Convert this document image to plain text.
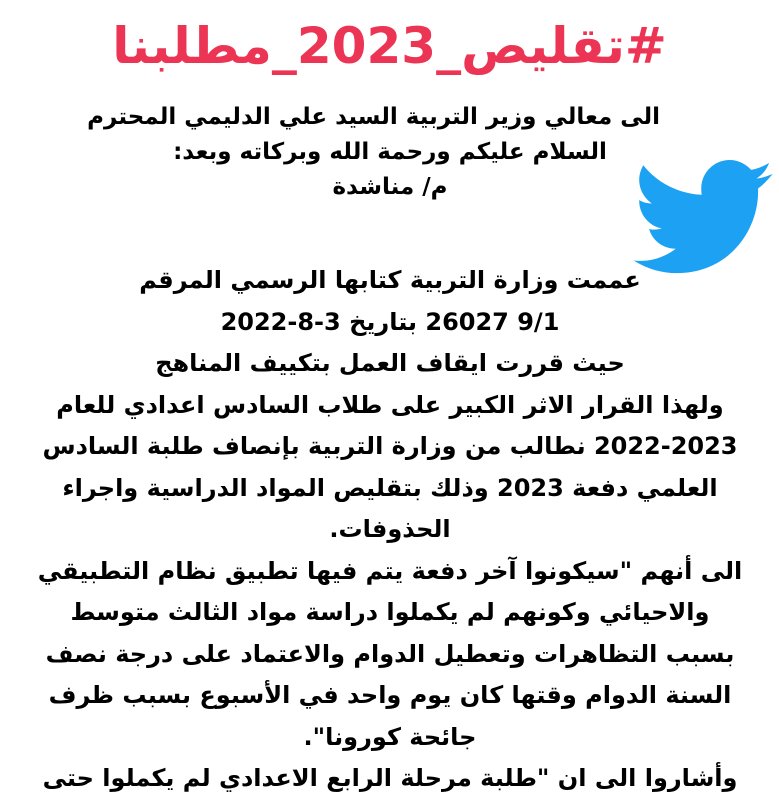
#تقليص_2023_مطلبنا
الى معالي وزير التربية السيد علي الدليمي المحترم
السلام عليكم ورحمة الله وبركاته وبعد:
م/ مناشدة
عممت وزارة التربية كتابها الرسمي المرقم
9/1 26027 بتاريخ 3-8-2022
حيث قررت ايقاف العمل بتكييف المناهج
ولهذا القرار الاثر الكبير على طلاب السادس اعدادي للعام
2022-2023 نطالب من وزارة التربية بإنصاف طلبة السادس
العلمي دفعة 2023 وذلك بتقليص المواد الدراسية واجراء
الحذوفات.
الى أنهم "سيكونوا آخر دفعة يتم فيها تطبيق نظام التطبيقي
والاحيائي وكونهم لم يكملوا دراسة مواد الثالث متوسط
بسبب التظاهرات وتعطيل الدوام والاعتماد على درجة نصف
السنة الدوام وقتها كان يوم واحد في الأسبوع بسبب ظرف
جائحة كورونا".
وأشاروا الى ان "طلبة مرحلة الرابع الاعدادي لم يكملوا حتى
